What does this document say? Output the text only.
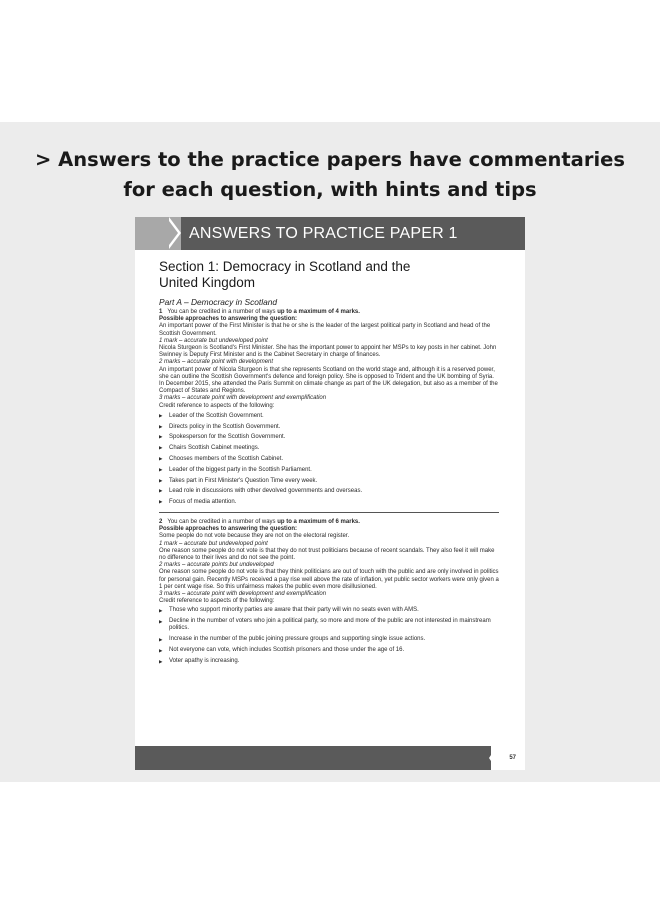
> Answers to the practice papers have commentaries
for each question, with hints and tips
ANSWERS TO PRACTICE PAPER 1
Section 1: Democracy in Scotland and the
United Kingdom

Part A – Democracy in Scotland

1 You can be credited in a number of ways up to a maximum of 4 marks.

Possible approaches to answering the question:

An important power of the First Minister is that he or she is the leader of the largest political party in Scotland and head of the Scottish Government.

1 mark – accurate but undeveloped point

Nicola Sturgeon is Scotland's First Minister. She has the important power to appoint her MSPs to key posts in her cabinet. John Swinney is Deputy First Minister and is the Cabinet Secretary in charge of finances.

2 marks – accurate point with development

An important power of Nicola Sturgeon is that she represents Scotland on the world stage and, although it is a reserved power, she can outline the Scottish Government's defence and foreign policy. She is opposed to Trident and the UK bombing of Syria. In December 2015, she attended the Paris Summit on climate change as part of the UK delegation, but also as a member of the Compact of States and Regions.

3 marks – accurate point with development and exemplification

Credit reference to aspects of the following:

▶ Leader of the Scottish Government.

▶ Directs policy in the Scottish Government.

▶ Spokesperson for the Scottish Government.

▶ Chairs Scottish Cabinet meetings.

▶ Chooses members of the Scottish Cabinet.

▶ Leader of the biggest party in the Scottish Parliament.

▶ Takes part in First Minister's Question Time every week.

▶ Lead role in discussions with other devolved governments and overseas.

▶ Focus of media attention.

2 You can be credited in a number of ways up to a maximum of 6 marks.

Possible approaches to answering the question:

Some people do not vote because they are not on the electoral register.

1 mark – accurate but undeveloped point

One reason some people do not vote is that they do not trust politicians because of recent scandals. They also feel it will make no difference to their lives and do not see the point.

2 marks – accurate points but undeveloped

One reason some people do not vote is that they think politicians are out of touch with the public and are only involved in politics for personal gain. Recently MSPs received a pay rise well above the rate of inflation, yet public sector workers were only given a 1 per cent wage rise. So this unfairness makes the public even more disillusioned.

3 marks – accurate point with development and exemplification

Credit reference to aspects of the following:

▶ Those who support minority parties are aware that their party will win no seats even with AMS.

▶ Decline in the number of voters who join a political party, so more and more of the public are not interested in mainstream politics.

▶ Increase in the number of the public joining pressure groups and supporting single issue actions.

▶ Not everyone can vote, which includes Scottish prisoners and those under the age of 16.

▶ Voter apathy is increasing.

57
